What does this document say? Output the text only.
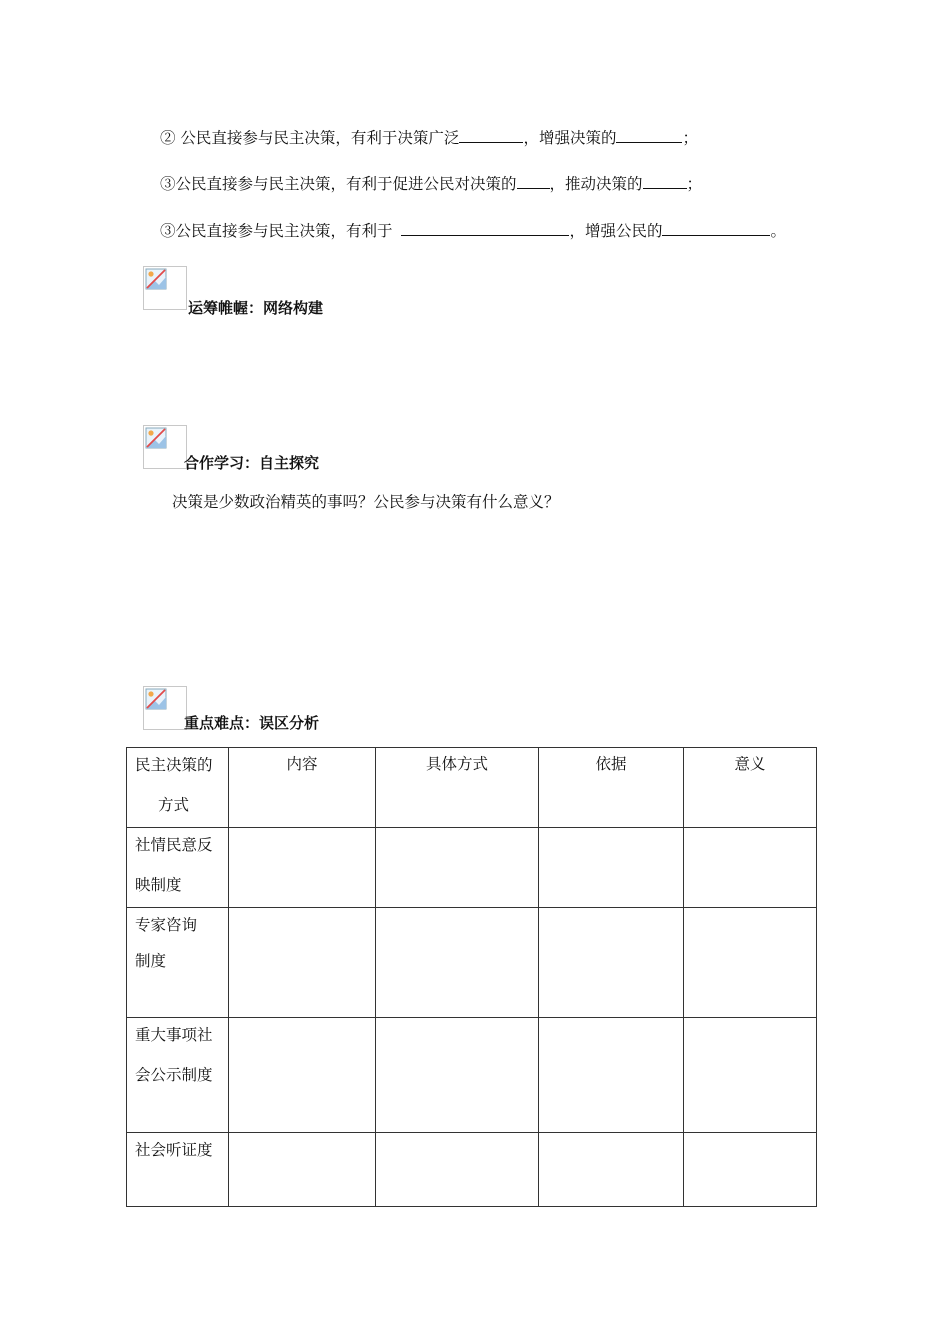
② 公民直接参与民主决策，有利于决策广泛	，增强决策的	；
③公民直接参与民主决策，有利于促进公民对决策的 ，推动决策的	；
③公民直接参与民主决策，有利于	，增强公民的	。
运筹帷幄：网络构建
合作学习：自主探究
决策是少数政治精英的事吗？公民参与决策有什么意义？
重点难点：误区分析
民主决策的
方式	内容	具体方式	依据	意义

社情民意反
映制度				

专家咨询
制度				

重大事项社
会公示制度				

社会听证度				
